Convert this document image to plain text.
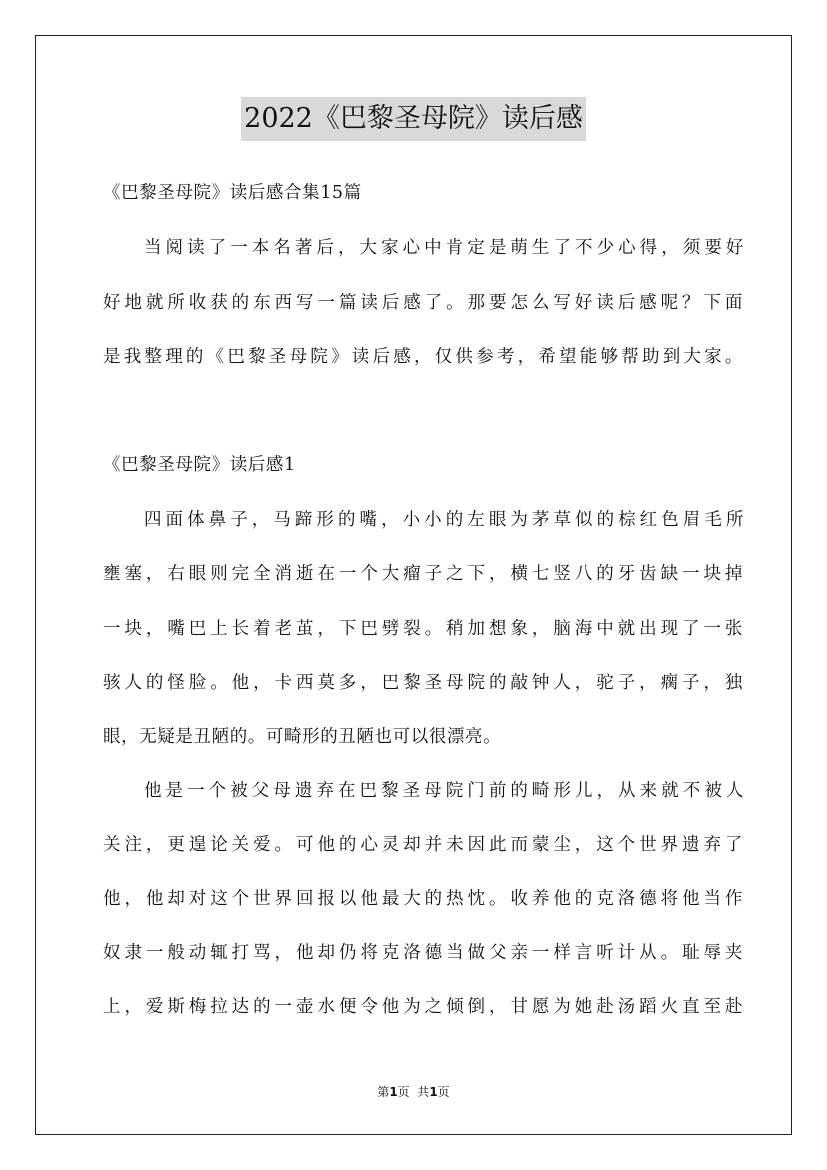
2022《巴黎圣母院》读后感
《巴黎圣母院》读后感合集15篇
当阅读了一本名著后，大家心中肯定是萌生了不少心得，须要好
好地就所收获的东西写一篇读后感了。那要怎么写好读后感呢？下面
是我整理的《巴黎圣母院》读后感，仅供参考，希望能够帮助到大家。
《巴黎圣母院》读后感1
四面体鼻子，马蹄形的嘴，小小的左眼为茅草似的棕红色眉毛所
壅塞，右眼则完全消逝在一个大瘤子之下，横七竖八的牙齿缺一块掉
一块，嘴巴上长着老茧，下巴劈裂。稍加想象，脑海中就出现了一张
骇人的怪脸。他，卡西莫多，巴黎圣母院的敲钟人，驼子，瘸子，独
眼，无疑是丑陋的。可畸形的丑陋也可以很漂亮。
他是一个被父母遗弃在巴黎圣母院门前的畸形儿，从来就不被人
关注，更遑论关爱。可他的心灵却并未因此而蒙尘，这个世界遗弃了
他，他却对这个世界回报以他最大的热忱。收养他的克洛德将他当作
奴隶一般动辄打骂，他却仍将克洛德当做父亲一样言听计从。耻辱夹
上，爱斯梅拉达的一壶水便令他为之倾倒，甘愿为她赴汤蹈火直至赴
第1页  共1页
